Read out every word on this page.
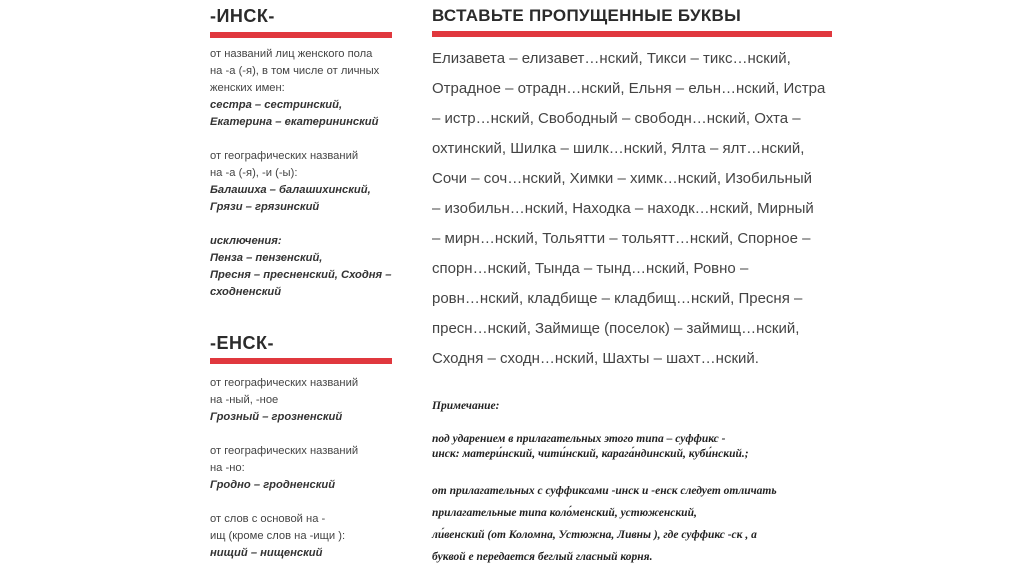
-ИНСК-
от названий лиц женского пола
на -а (-я), в том числе от личных
женских имен:
сестра – сестринский,
Екатерина – екатерининский
от географических названий
на -а (-я), -и (-ы):
Балашиха – балашихинский,
Грязи – грязинский
исключения:
Пенза – пензенский,
Пресня – пресненский, Сходня –
сходненский
-ЕНСК-
от географических названий
на -ный, -ное
Грозный – грозненский
от географических названий
на -но:
Гродно – гродненский
от слов с основой на -
ищ (кроме слов на -ищи ):
нищий – нищенский
ВСТАВЬТЕ ПРОПУЩЕННЫЕ БУКВЫ
Елизавета – елизавет…нский, Тикси – тикс…нский,
Отрадное – отрадн…нский, Ельня – ельн…нский, Истра
– истр…нский, Свободный – свободн…нский, Охта –
охтинский, Шилка – шилк…нский, Ялта – ялт…нский,
Сочи – соч…нский, Химки – химк…нский, Изобильный
– изобильн…нский, Находка – находк…нский, Мирный
– мирн…нский, Тольятти – тольятт…нский, Спорное –
спорн…нский, Тында – тынд…нский, Ровно –
ровн…нский, кладбище – кладбищ…нский, Пресня –
пресн…нский, Займище (поселок) – займищ…нский,
Сходня – сходн…нский, Шахты – шахт…нский.
Примечание:
под ударением в прилагательных этого типа – суффикс -
инск: матери́нский, чити́нский, карага́ндинский, куби́нский.;
от прилагательных с суффиксами -инск и -енск следует отличать
прилагательные типа коло́менский, устюженский,
ли́венский (от Коломна, Устюжна, Ливны ), где суффикс -ск , а
буквой е передается беглый гласный корня.
